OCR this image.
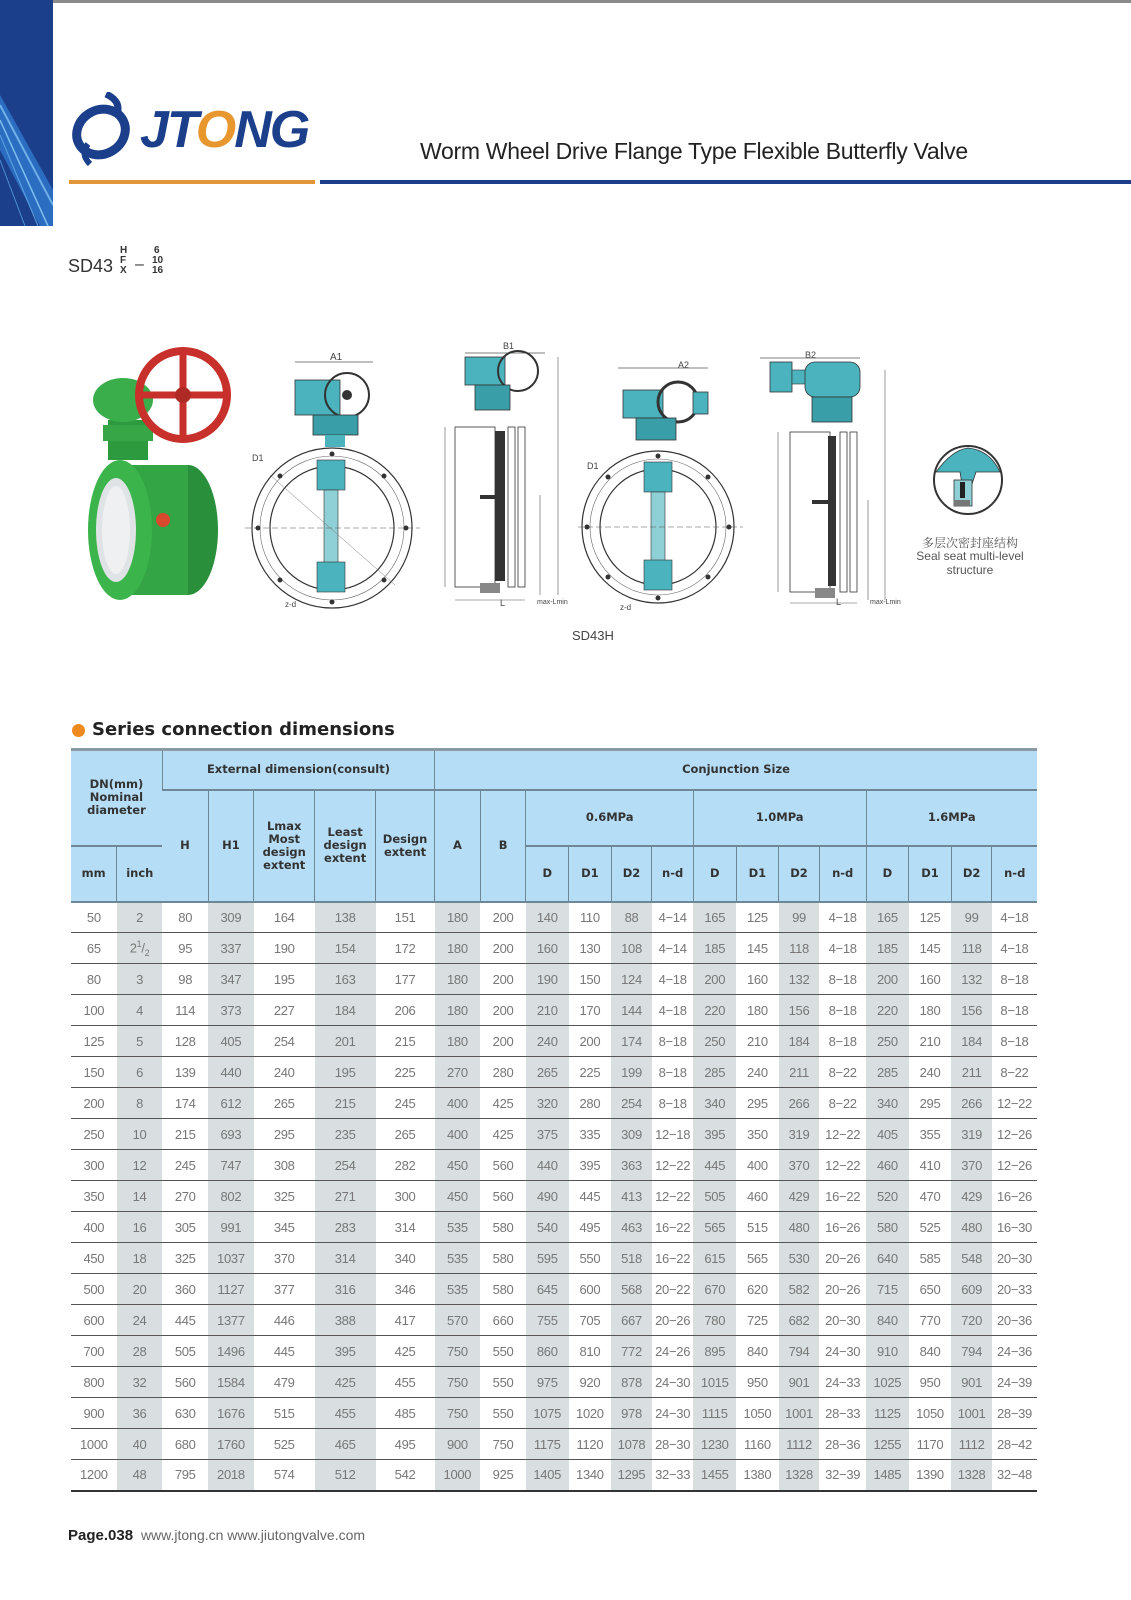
JTONG	Worm Wheel Drive Flange Type Flexible Butterfly Valve
SD43
H
F
X –
6
10
16
A1
D1
z-d
B1
L	max-Lmin
A2
D1
z-d
SD43H
B2
L	max-Lmin
多层次密封座结构
Seal seat multi-level
structure
Series connection dimensions
DN(mm) Nominal diameter		External dimension(consult)					Conjunction Size													
		H	H1	Lmax Most design extent	Least design extent	Design extent	A	B	0.6MPa				1.0MPa				1.6MPa			
mm	inch								D	D1	D2	n-d	D	D1	D2	n-d	D	D1	D2	n-d
50	2	80	309	164	138	151	180	200	140	110	88	4−14	165	125	99	4−18	165	125	99	4−18
65	$2^1/_2$	95	337	190	154	172	180	200	160	130	108	4−14	185	145	118	4−18	185	145	118	4−18
80	3	98	347	195	163	177	180	200	190	150	124	4−18	200	160	132	8−18	200	160	132	8−18
100	4	114	373	227	184	206	180	200	210	170	144	4−18	220	180	156	8−18	220	180	156	8−18
125	5	128	405	254	201	215	180	200	240	200	174	8−18	250	210	184	8−18	250	210	184	8−18
150	6	139	440	240	195	225	270	280	265	225	199	8−18	285	240	211	8−22	285	240	211	8−22
200	8	174	612	265	215	245	400	425	320	280	254	8−18	340	295	266	8−22	340	295	266	12−22
250	10	215	693	295	235	265	400	425	375	335	309	12−18	395	350	319	12−22	405	355	319	12−26
300	12	245	747	308	254	282	450	560	440	395	363	12−22	445	400	370	12−22	460	410	370	12−26
350	14	270	802	325	271	300	450	560	490	445	413	12−22	505	460	429	16−22	520	470	429	16−26
400	16	305	991	345	283	314	535	580	540	495	463	16−22	565	515	480	16−26	580	525	480	16−30
450	18	325	1037	370	314	340	535	580	595	550	518	16−22	615	565	530	20−26	640	585	548	20−30
500	20	360	1127	377	316	346	535	580	645	600	568	20−22	670	620	582	20−26	715	650	609	20−33
600	24	445	1377	446	388	417	570	660	755	705	667	20−26	780	725	682	20−30	840	770	720	20−36
700	28	505	1496	445	395	425	750	550	860	810	772	24−26	895	840	794	24−30	910	840	794	24−36
800	32	560	1584	479	425	455	750	550	975	920	878	24−30	1015	950	901	24−33	1025	950	901	24−39
900	36	630	1676	515	455	485	750	550	1075	1020	978	24−30	1115	1050	1001	28−33	1125	1050	1001	28−39
1000	40	680	1760	525	465	495	900	750	1175	1120	1078	28−30	1230	1160	1112	28−36	1255	1170	1112	28−42
1200	48	795	2018	574	512	542	1000	925	1405	1340	1295	32−33	1455	1380	1328	32−39	1485	1390	1328	32−48
Page.038 www.jtong.cn www.jiutongvalve.com
